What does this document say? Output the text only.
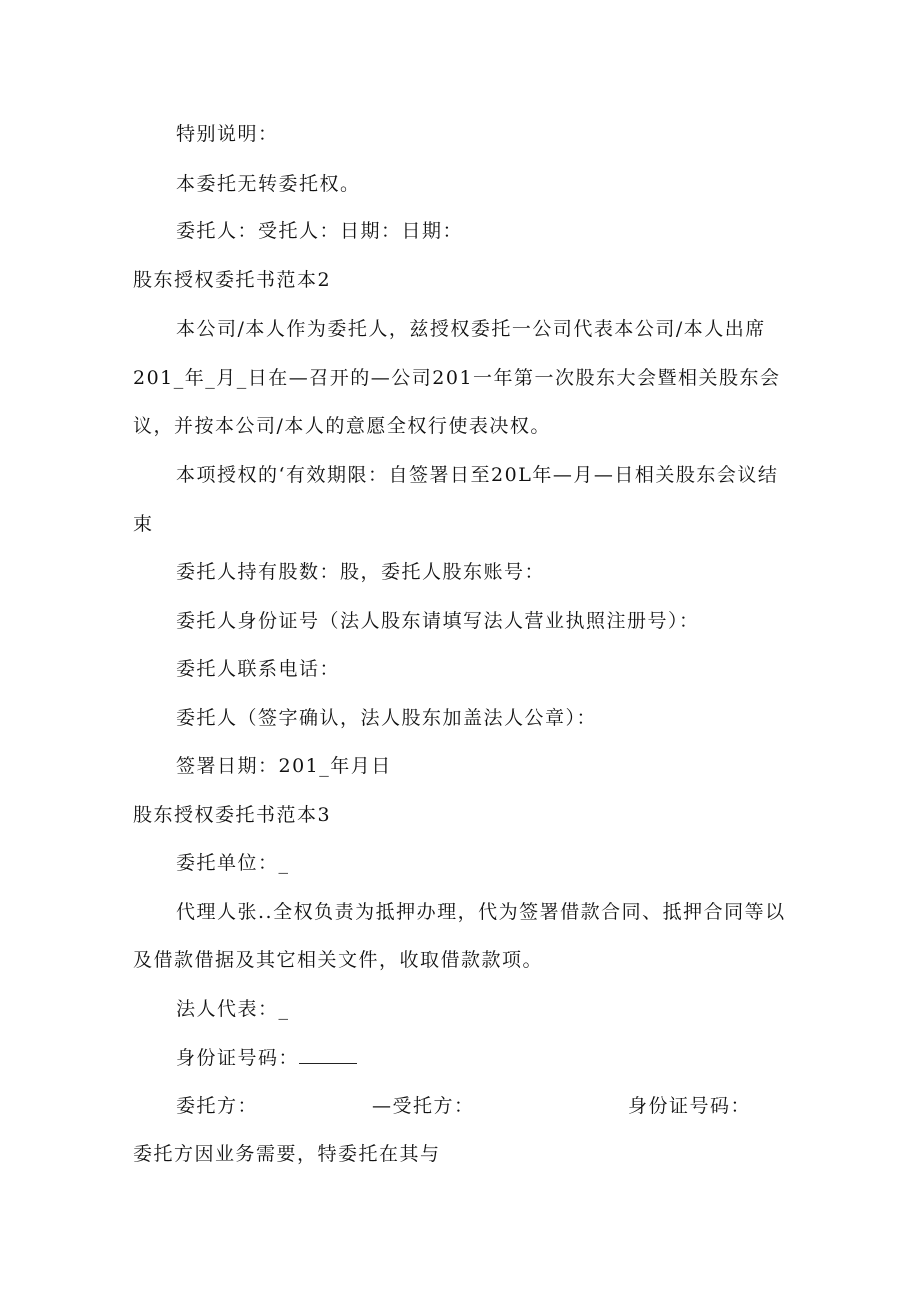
特别说明：
本委托无转委托权。
委托人：受托人：日期：日期：
股东授权委托书范本2
本公司/本人作为委托人，兹授权委托一公司代表本公司/本人出席
201_年_月_日在—召开的—公司201一年第一次股东大会暨相关股东会
议，并按本公司/本人的意愿全权行使表决权。
本项授权的‘有效期限：自签署日至20L年—月—日相关股东会议结
束
委托人持有股数：股，委托人股东账号：
委托人身份证号（法人股东请填写法人营业执照注册号）：
委托人联系电话：
委托人（签字确认，法人股东加盖法人公章）：
签署日期：201_年月日
股东授权委托书范本3
委托单位：_
代理人张..全权负责为抵押办理，代为签署借款合同、抵押合同等以
及借款借据及其它相关文件，收取借款款项。
法人代表：_
身份证号码：
委托方：	—受托方：	身份证号码：
委托方因业务需要，特委托在其与
